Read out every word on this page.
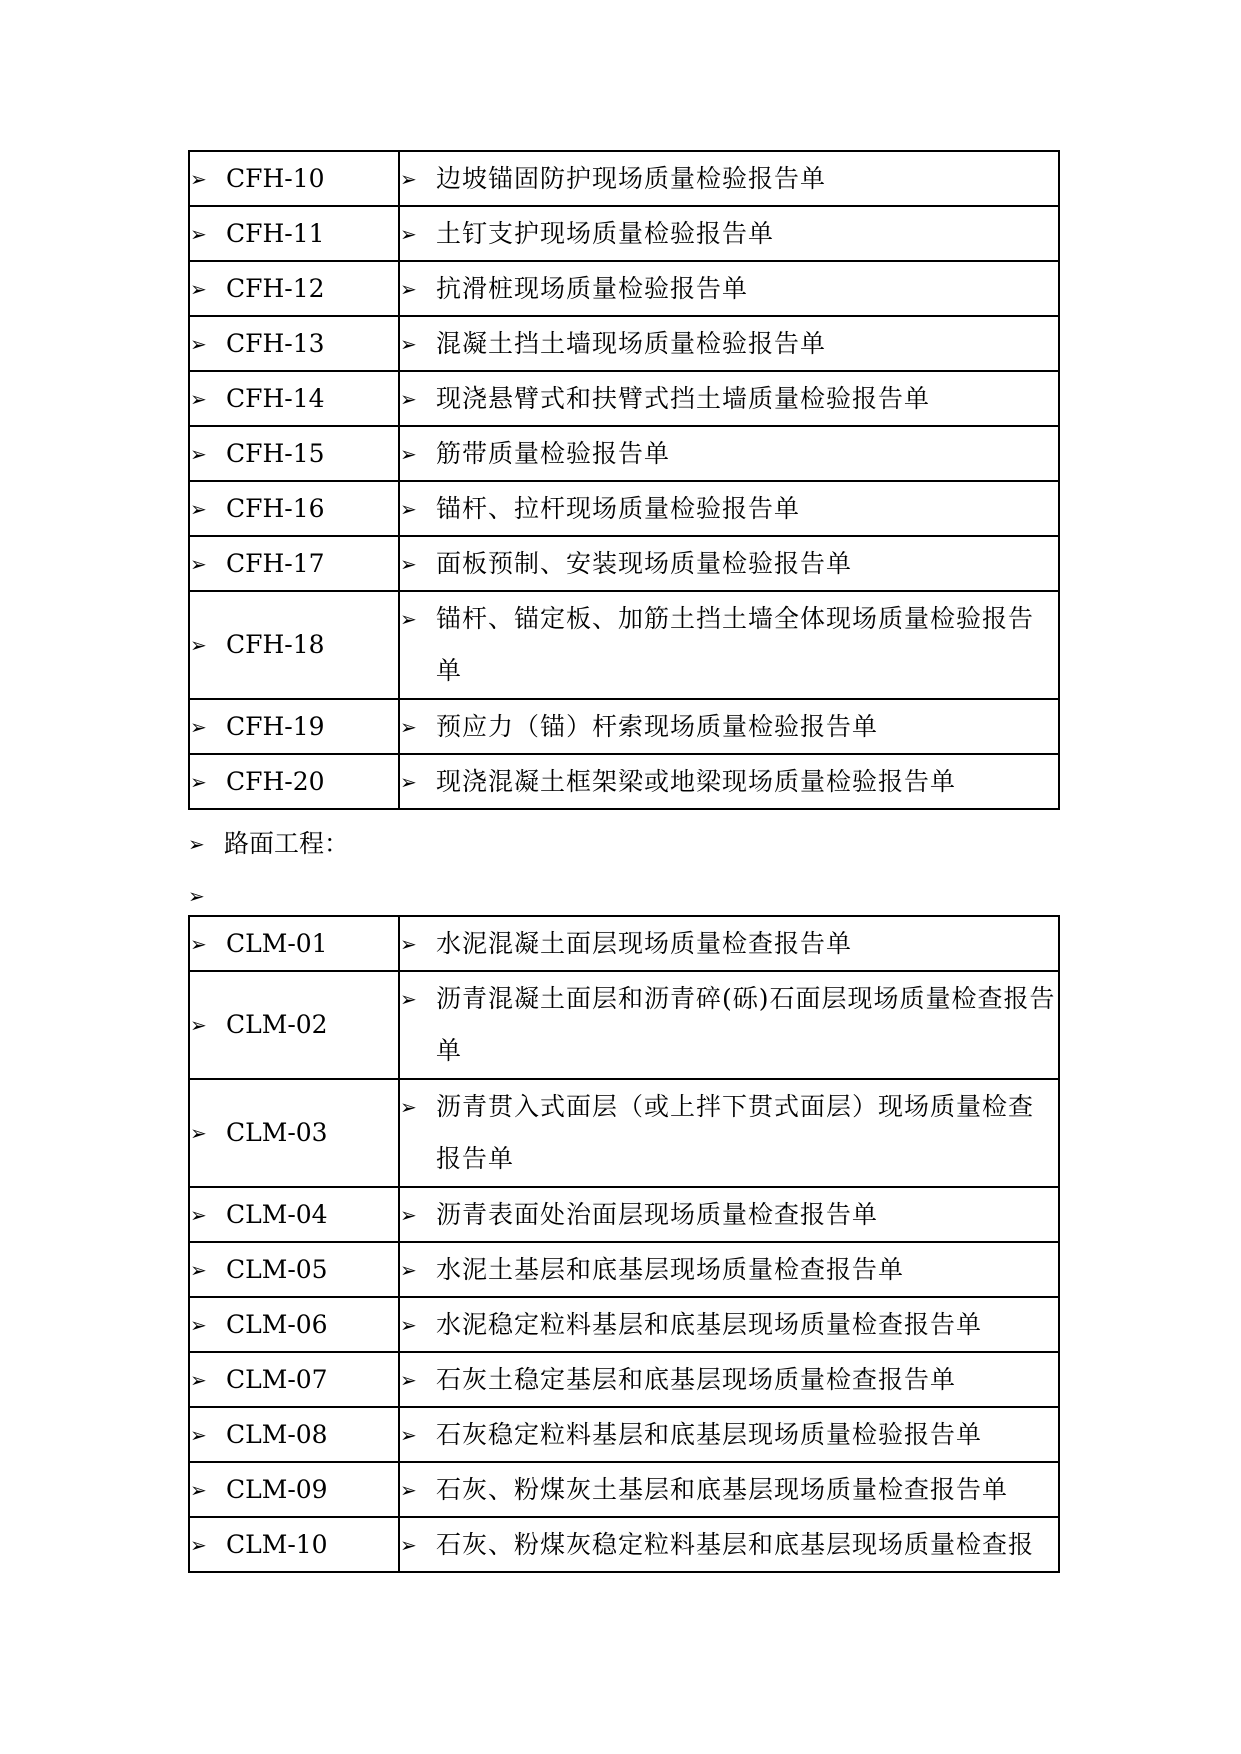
➢ CFH-10	➢ 边坡锚固防护现场质量检验报告单

➢ CFH-11	➢ 土钉支护现场质量检验报告单

➢ CFH-12	➢ 抗滑桩现场质量检验报告单

➢ CFH-13	➢ 混凝土挡土墙现场质量检验报告单

➢ CFH-14	➢ 现浇悬臂式和扶臂式挡土墙质量检验报告单

➢ CFH-15	➢ 筋带质量检验报告单

➢ CFH-16	➢ 锚杆、拉杆现场质量检验报告单

➢ CFH-17	➢ 面板预制、安装现场质量检验报告单

➢ CFH-18	➢ 锚杆、锚定板、加筋土挡土墙全体现场质量检验报告单

➢ CFH-19	➢ 预应力（锚）杆索现场质量检验报告单

➢ CFH-20	➢ 现浇混凝土框架梁或地梁现场质量检验报告单
➢ 路面工程：
➢
➢ CLM-01	➢ 水泥混凝土面层现场质量检查报告单

➢ CLM-02	➢ 沥青混凝土面层和沥青碎(砾)石面层现场质量检查报告单

➢ CLM-03	➢ 沥青贯入式面层（或上拌下贯式面层）现场质量检查报告单

➢ CLM-04	➢ 沥青表面处治面层现场质量检查报告单

➢ CLM-05	➢ 水泥土基层和底基层现场质量检查报告单

➢ CLM-06	➢ 水泥稳定粒料基层和底基层现场质量检查报告单

➢ CLM-07	➢ 石灰土稳定基层和底基层现场质量检查报告单

➢ CLM-08	➢ 石灰稳定粒料基层和底基层现场质量检验报告单

➢ CLM-09	➢ 石灰、粉煤灰土基层和底基层现场质量检查报告单

➢ CLM-10	➢ 石灰、粉煤灰稳定粒料基层和底基层现场质量检查报
